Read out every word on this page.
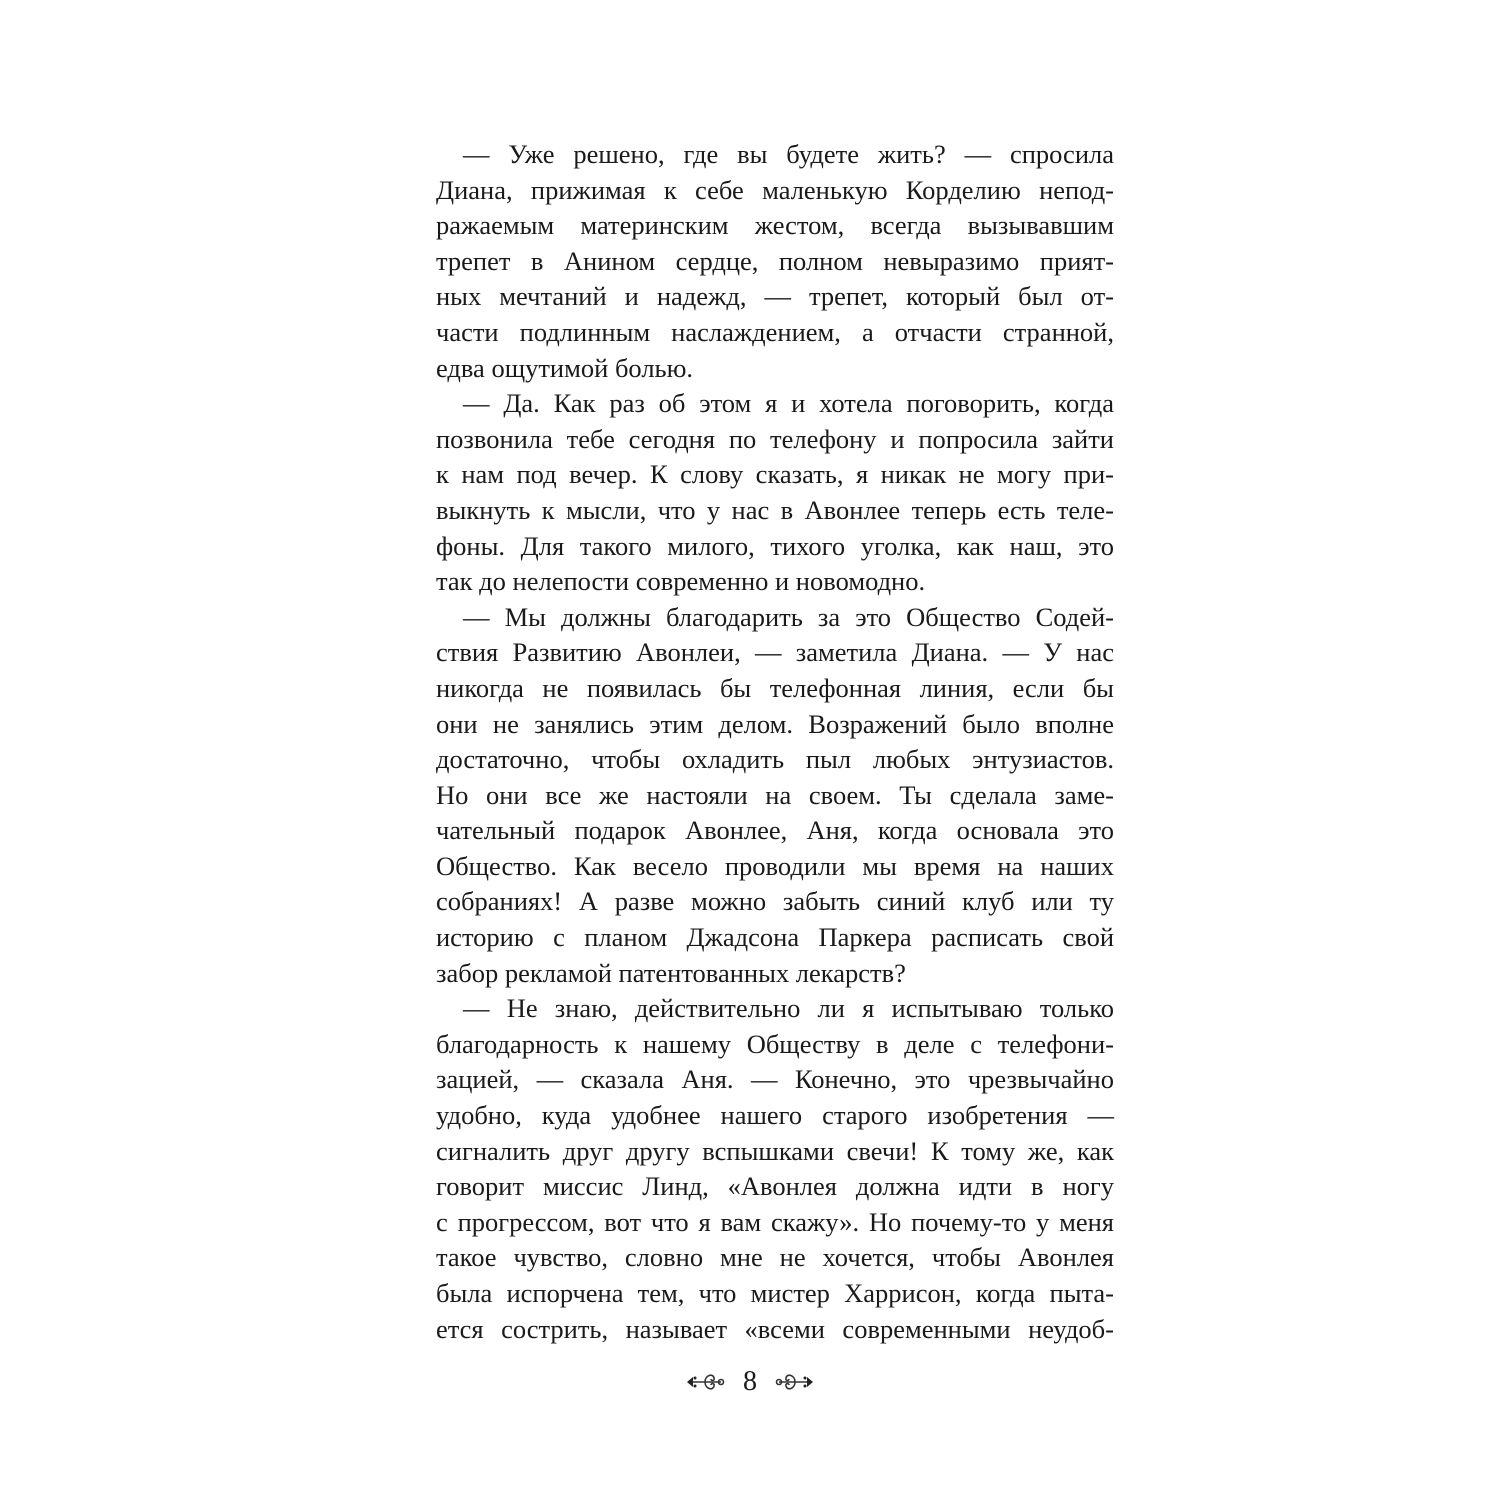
— Уже решено, где вы будете жить? — спросила
Диана, прижимая к себе маленькую Корделию непод-
ражаемым материнским жестом, всегда вызывавшим
трепет в Анином сердце, полном невыразимо прият-
ных мечтаний и надежд, — трепет, который был от-
части подлинным наслаждением, а отчасти странной,
едва ощутимой болью.
— Да. Как раз об этом я и хотела поговорить, когда
позвонила тебе сегодня по телефону и попросила зайти
к нам под вечер. К слову сказать, я никак не могу при-
выкнуть к мысли, что у нас в Авонлее теперь есть теле-
фоны. Для такого милого, тихого уголка, как наш, это
так до нелепости современно и новомодно.
— Мы должны благодарить за это Общество Содей-
ствия Развитию Авонлеи, — заметила Диана. — У нас
никогда не появилась бы телефонная линия, если бы
они не занялись этим делом. Возражений было вполне
достаточно, чтобы охладить пыл любых энтузиастов.
Но они все же настояли на своем. Ты сделала заме-
чательный подарок Авонлее, Аня, когда основала это
Общество. Как весело проводили мы время на наших
собраниях! А разве можно забыть синий клуб или ту
историю с планом Джадсона Паркера расписать свой
забор рекламой патентованных лекарств?
— Не знаю, действительно ли я испытываю только
благодарность к нашему Обществу в деле с телефони-
зацией, — сказала Аня. — Конечно, это чрезвычайно
удобно, куда удобнее нашего старого изобретения —
сигналить друг другу вспышками свечи! К тому же, как
говорит миссис Линд, «Авонлея должна идти в ногу
с прогрессом, вот что я вам скажу». Но почему-то у меня
такое чувство, словно мне не хочется, чтобы Авонлея
была испорчена тем, что мистер Харрисон, когда пыта-
ется сострить, называет «всеми современными неудоб-
8
